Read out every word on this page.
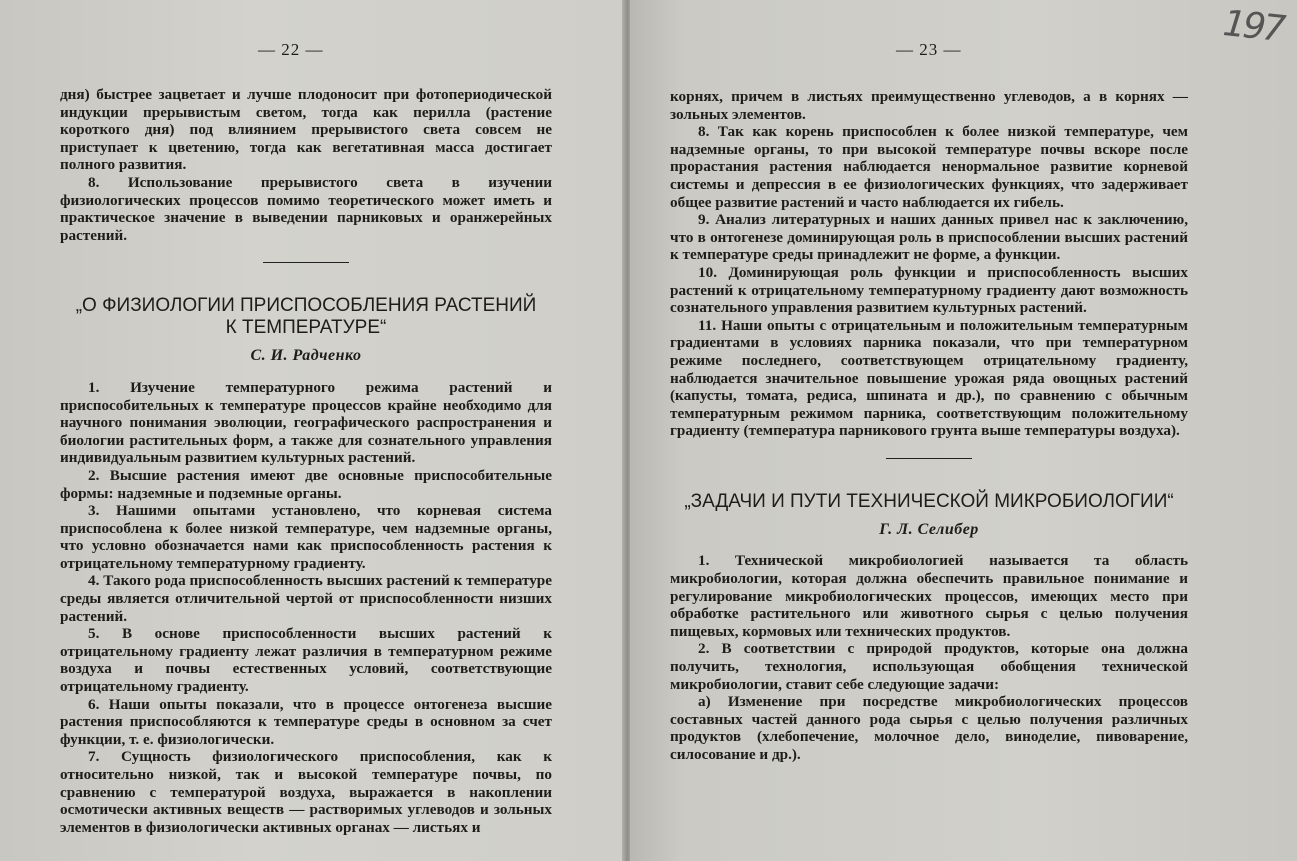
— 22 —

дня) быстрее зацветает и лучше плодоносит при фотопериодической индукции прерывистым светом, тогда как перилла (растение короткого дня) под влиянием прерывистого света совсем не приступает к цветению, тогда как вегетативная масса достигает полного развития.

8. Использование прерывистого света в изучении физиологических процессов помимо теоретического может иметь и практическое значение в выведении парниковых и оранжерейных растений.

„О ФИЗИОЛОГИИ ПРИСПОСОБЛЕНИЯ РАСТЕНИЙ
К ТЕМПЕРАТУРЕ“

С. И. Радченко

1. Изучение температурного режима растений и приспособительных к температуре процессов крайне необходимо для научного понимания эволюции, географического распространения и биологии растительных форм, а также для сознательного управления индивидуальным развитием культурных растений.

2. Высшие растения имеют две основные приспособительные формы: надземные и подземные органы.

3. Нашими опытами установлено, что корневая система приспособлена к более низкой температуре, чем надземные органы, что условно обозначается нами как приспособленность растения к отрицательному температурному градиенту.

4. Такого рода приспособленность высших растений к температуре среды является отличительной чертой от приспособленности низших растений.

5. В основе приспособленности высших растений к отрицательному градиенту лежат различия в температурном режиме воздуха и почвы естественных условий, соответствующие отрицательному градиенту.

6. Наши опыты показали, что в процессе онтогенеза высшие растения приспособляются к температуре среды в основном за счет функции, т. е. физиологически.

7. Сущность физиологического приспособления, как к относительно низкой, так и высокой температуре почвы, по сравнению с температурой воздуха, выражается в накоплении осмотически активных веществ — растворимых углеводов и зольных элементов в физиологически активных органах — листьях и

— 23 —	197

корнях, причем в листьях преимущественно углеводов, а в корнях — зольных элементов.

8. Так как корень приспособлен к более низкой температуре, чем надземные органы, то при высокой температуре почвы вскоре после прорастания растения наблюдается ненормальное развитие корневой системы и депрессия в ее физиологических функциях, что задерживает общее развитие растений и часто наблюдается их гибель.

9. Анализ литературных и наших данных привел нас к заключению, что в онтогенезе доминирующая роль в приспособлении высших растений к температуре среды принадлежит не форме, а функции.

10. Доминирующая роль функции и приспособленность высших растений к отрицательному температурному градиенту дают возможность сознательного управления развитием культурных растений.

11. Наши опыты с отрицательным и положительным температурным градиентами в условиях парника показали, что при температурном режиме последнего, соответствующем отрицательному градиенту, наблюдается значительное повышение урожая ряда овощных растений (капусты, томата, редиса, шпината и др.), по сравнению с обычным температурным режимом парника, соответствующим положительному градиенту (температура парникового грунта выше температуры воздуха).

„ЗАДАЧИ И ПУТИ ТЕХНИЧЕСКОЙ МИКРОБИОЛОГИИ“

Г. Л. Селибер

1. Технической микробиологией называется та область микробиологии, которая должна обеспечить правильное понимание и регулирование микробиологических процессов, имеющих место при обработке растительного или животного сырья с целью получения пищевых, кормовых или технических продуктов.

2. В соответствии с природой продуктов, которые она должна получить, технология, использующая обобщения технической микробиологии, ставит себе следующие задачи:

а) Изменение при посредстве микробиологических процессов составных частей данного рода сырья с целью получения различных продуктов (хлебопечение, молочное дело, виноделие, пивоварение, силосование и др.).
